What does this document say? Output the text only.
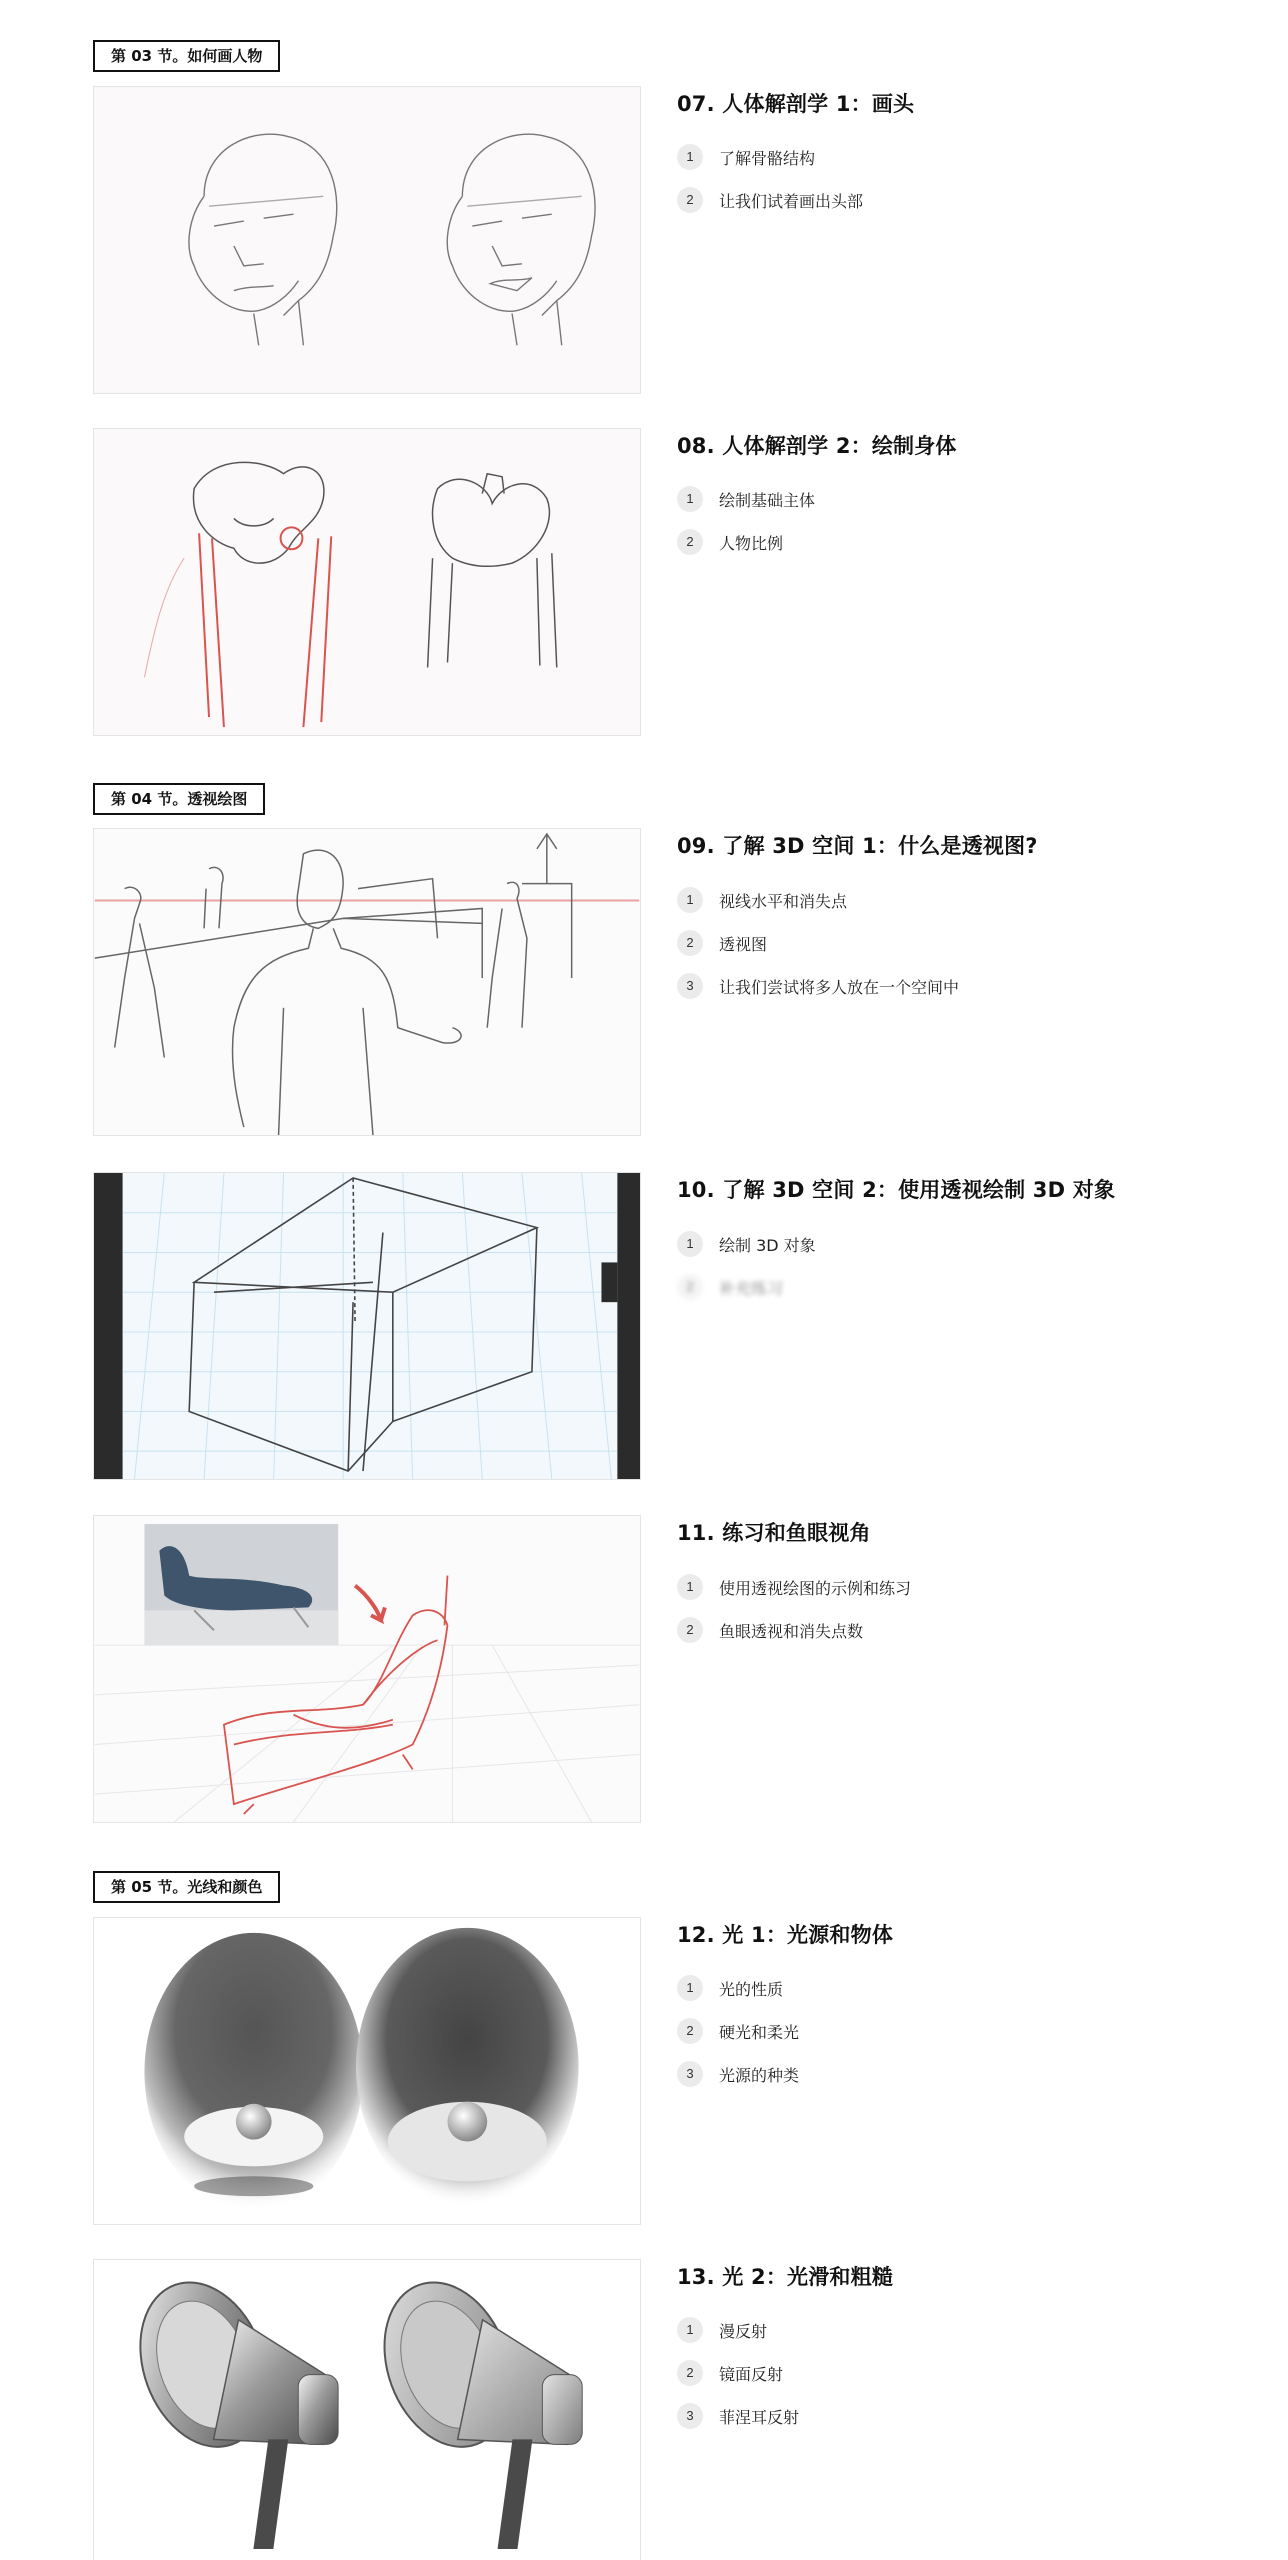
第 03 节。如何画人物
07. 人体解剖学 1：画头
1	了解骨骼结构
2	让我们试着画出头部
08. 人体解剖学 2：绘制身体
1	绘制基础主体
2	人物比例
第 04 节。透视绘图
09. 了解 3D 空间 1：什么是透视图?
1	视线水平和消失点
2	透视图
3	让我们尝试将多人放在一个空间中
10. 了解 3D 空间 2：使用透视绘制 3D 对象
1	绘制 3D 对象
2	补充练习
11. 练习和鱼眼视角
1	使用透视绘图的示例和练习
2	鱼眼透视和消失点数
第 05 节。光线和颜色
12. 光 1：光源和物体
1	光的性质
2	硬光和柔光
3	光源的种类
13. 光 2：光滑和粗糙
1	漫反射
2	镜面反射
3	菲涅耳反射
